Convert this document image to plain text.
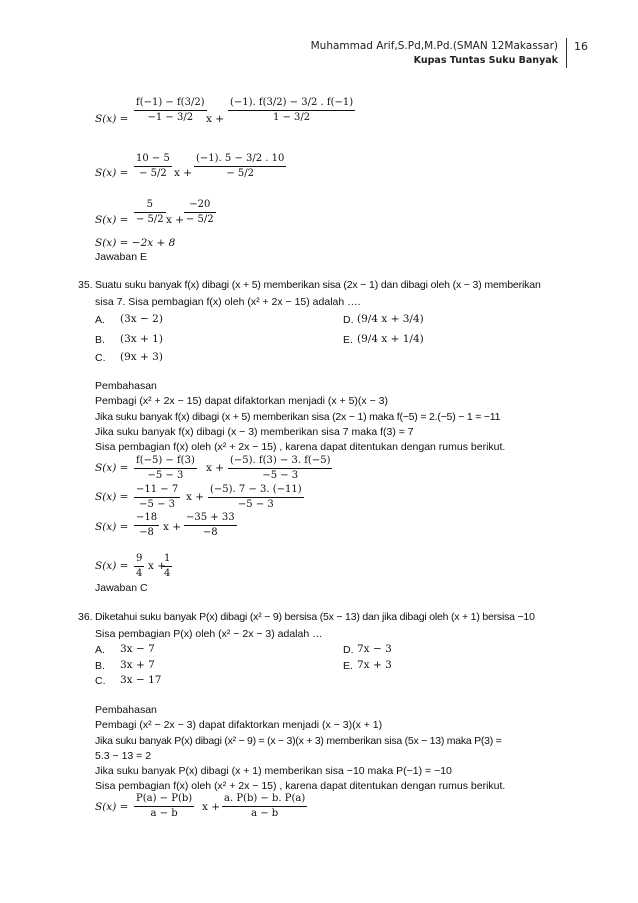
Muhammad Arif,S.Pd,M.Pd.(SMAN 12Makassar)
Kupas Tuntas Suku Banyak
16
S(x) =
f(−1) − f(3/2)
−1 − 3/2	x +
(−1). f(3/2) − 3/2 . f(−1)
1 − 3/2
S(x) =
10 − 5
− 5/2 x +
(−1). 5 − 3/2 . 10
− 5/2
S(x) =
5
− 5/2 x +
−20
− 5/2
S(x) = −2x + 8
Jawaban E
35. Suatu suku banyak f(x) dibagi (x + 5) memberikan sisa (2x − 1) dan dibagi oleh (x − 3) memberikan
sisa 7. Sisa pembagian f(x) oleh (x² + 2x − 15) adalah ….
A. (3x − 2)
B. (3x + 1)
C. (9x + 3)
D. (9/4 x + 3/4)
E. (9/4 x + 1/4)
Pembahasan
Pembagi (x² + 2x − 15) dapat difaktorkan menjadi (x + 5)(x − 3)
Jika suku banyak f(x) dibagi (x + 5) memberikan sisa (2x − 1) maka f(−5) = 2.(−5) − 1 = −11
Jika suku banyak f(x) dibagi (x − 3) memberikan sisa 7 maka f(3) = 7
Sisa pembagian f(x) oleh (x² + 2x − 15) , karena dapat ditentukan dengan rumus berikut.
S(x) =
f(−5) − f(3)
−5 − 3
x +
(−5). f(3) − 3. f(−5)
−5 − 3
S(x) =
−11 − 7
−5 − 3
x +
(−5). 7 − 3. (−11)
−5 − 3
S(x) =
−18
−8 x +
−35 + 33
−8
S(x) =
9
4
x +
1
4
Jawaban C
36. Diketahui suku banyak P(x) dibagi (x² − 9) bersisa (5x − 13) dan jika dibagi oleh (x + 1) bersisa −10
Sisa pembagian P(x) oleh (x² − 2x − 3) adalah …
A. 3x − 7
B. 3x + 7
C. 3x − 17
D. 7x − 3
E. 7x + 3
Pembahasan
Pembagi (x² − 2x − 3) dapat difaktorkan menjadi (x − 3)(x + 1)
Jika suku banyak P(x) dibagi (x² − 9) = (x − 3)(x + 3) memberikan sisa (5x − 13) maka P(3) =
5.3 − 13 = 2
Jika suku banyak P(x) dibagi (x + 1) memberikan sisa −10 maka P(−1) = −10
Sisa pembagian f(x) oleh (x² + 2x − 15) , karena dapat ditentukan dengan rumus berikut.
S(x) =
P(a) − P(b)
a − b
x +
a. P(b) − b. P(a)
a − b
